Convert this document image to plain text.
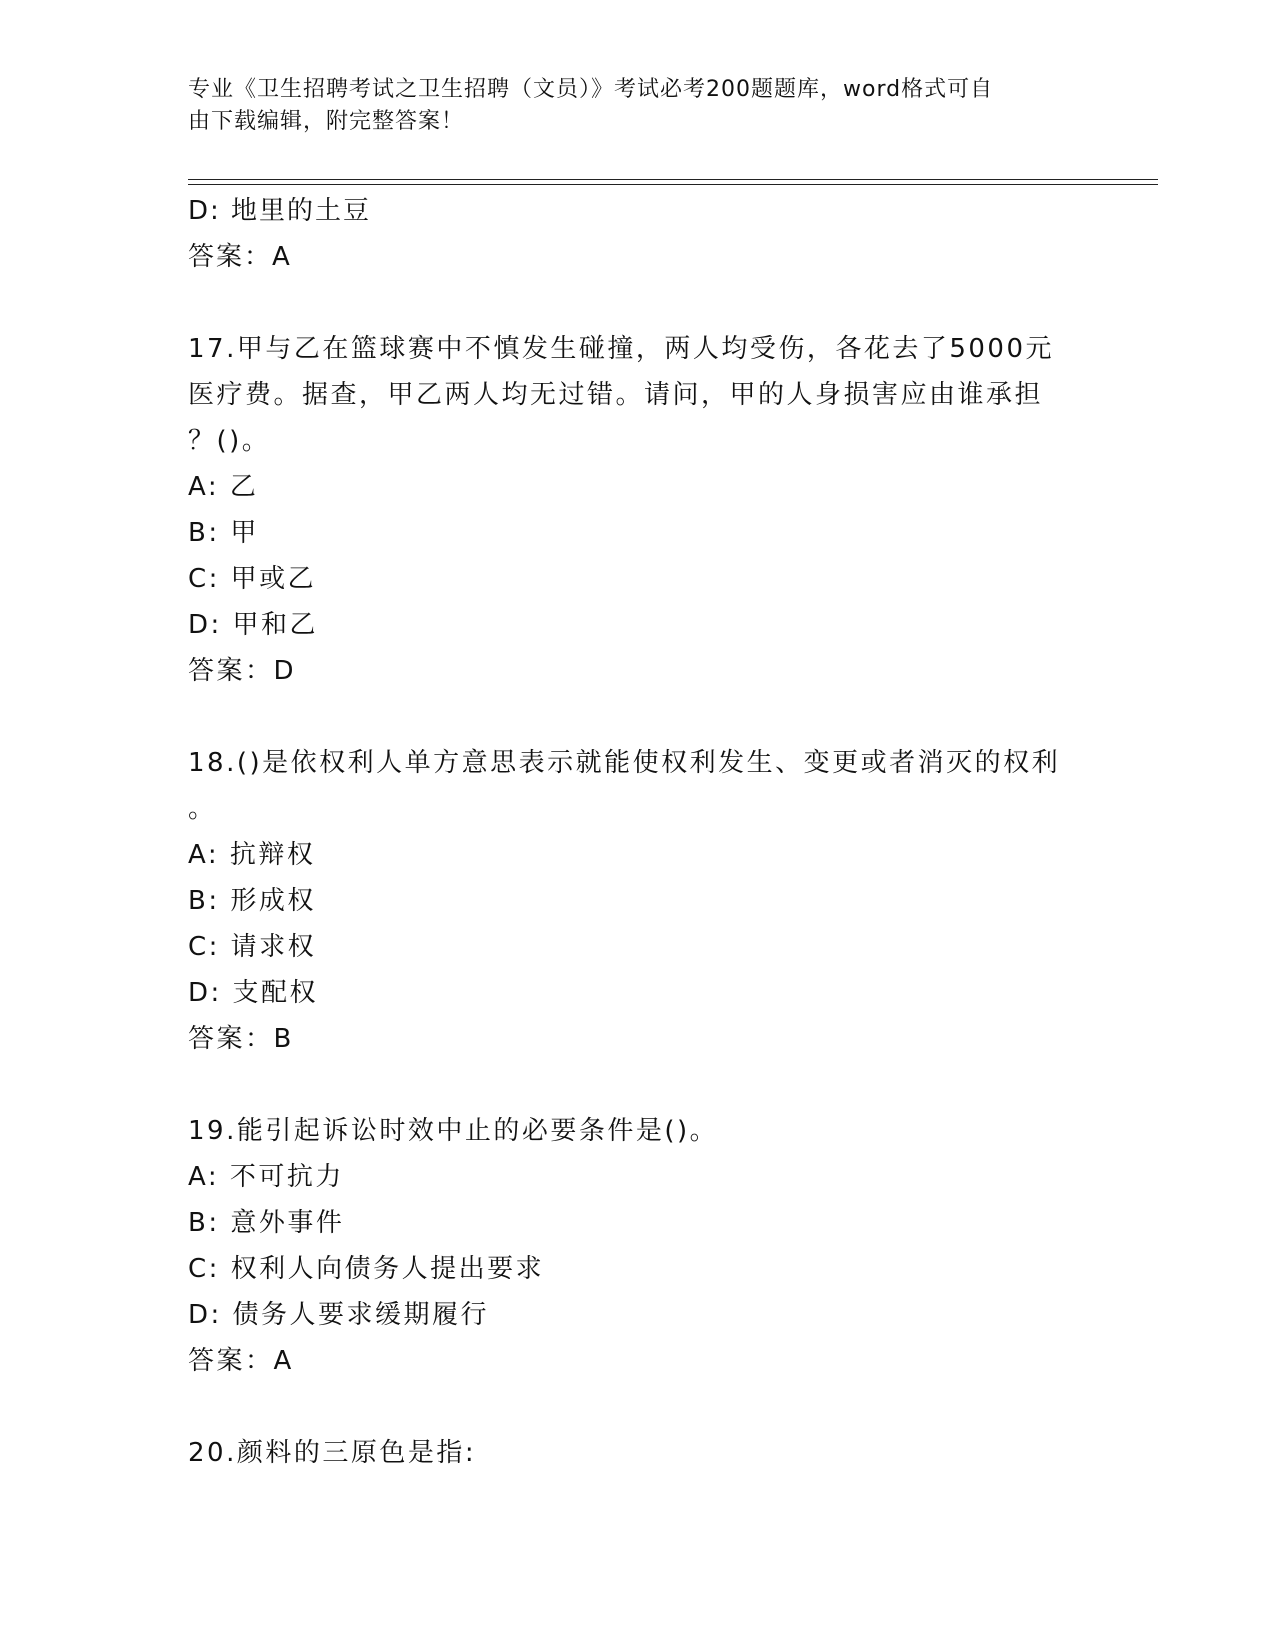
专业《卫生招聘考试之卫生招聘（文员）》考试必考200题题库，word格式可自
由下载编辑，附完整答案！
D: 地里的土豆
答案：A
17.甲与乙在篮球赛中不慎发生碰撞，两人均受伤，各花去了5000元
医疗费。据查，甲乙两人均无过错。请问，甲的人身损害应由谁承担
？()。
A: 乙
B: 甲
C: 甲或乙
D: 甲和乙
答案：D
18.()是依权利人单方意思表示就能使权利发生、变更或者消灭的权利
。
A: 抗辩权
B: 形成权
C: 请求权
D: 支配权
答案：B
19.能引起诉讼时效中止的必要条件是()。
A: 不可抗力
B: 意外事件
C: 权利人向债务人提出要求
D: 债务人要求缓期履行
答案：A
20.颜料的三原色是指:
